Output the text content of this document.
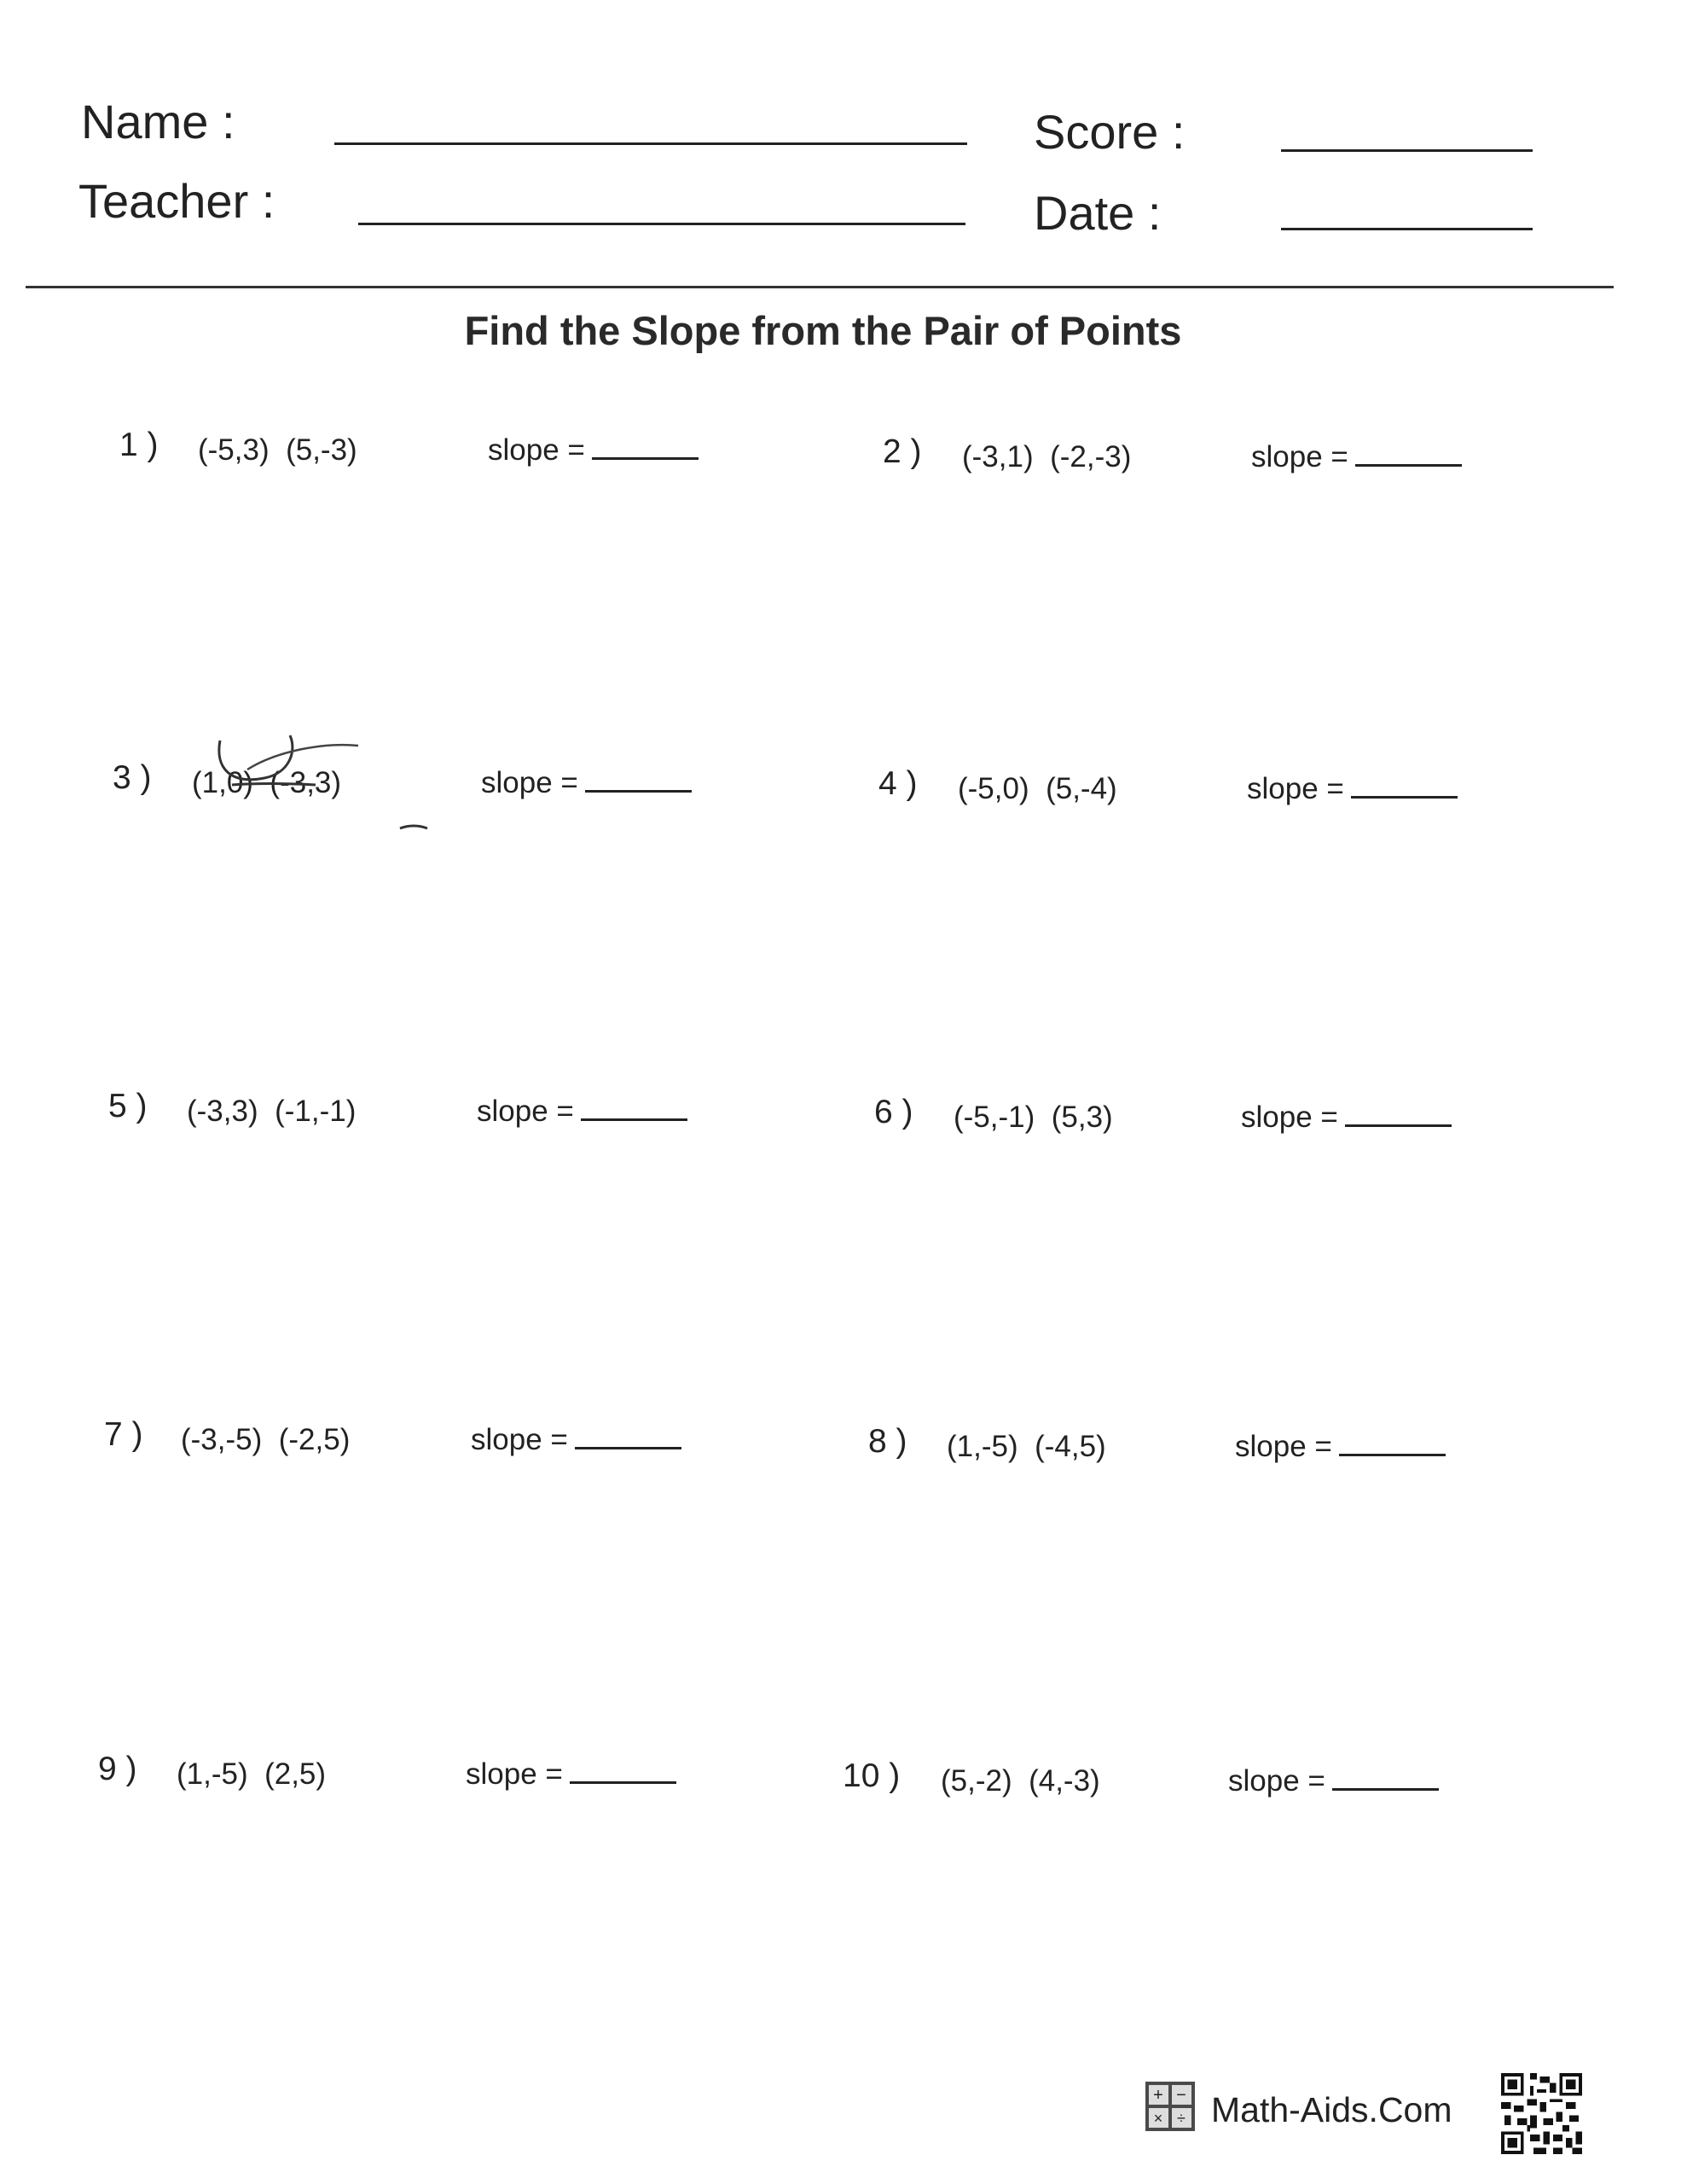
Name :	Score :
Teacher :	Date :
Find the Slope from the Pair of Points
1 ) (-5,3)  (5,-3)	slope =	2 ) (-3,1)  (-2,-3)	slope =
3 ) (1,0)  (-3,3)	slope =	4 ) (-5,0)  (5,-4)	slope =
5 ) (-3,3)  (-1,-1)	slope =	6 ) (-5,-1)  (5,3)	slope =
7 ) (-3,-5)  (-2,5)	slope =	8 ) (1,-5)  (-4,5)	slope =
9 ) (1,-5)  (2,5)	slope =	10 ) (5,-2)  (4,-3)	slope =
+ −
× ÷ Math-Aids.Com
